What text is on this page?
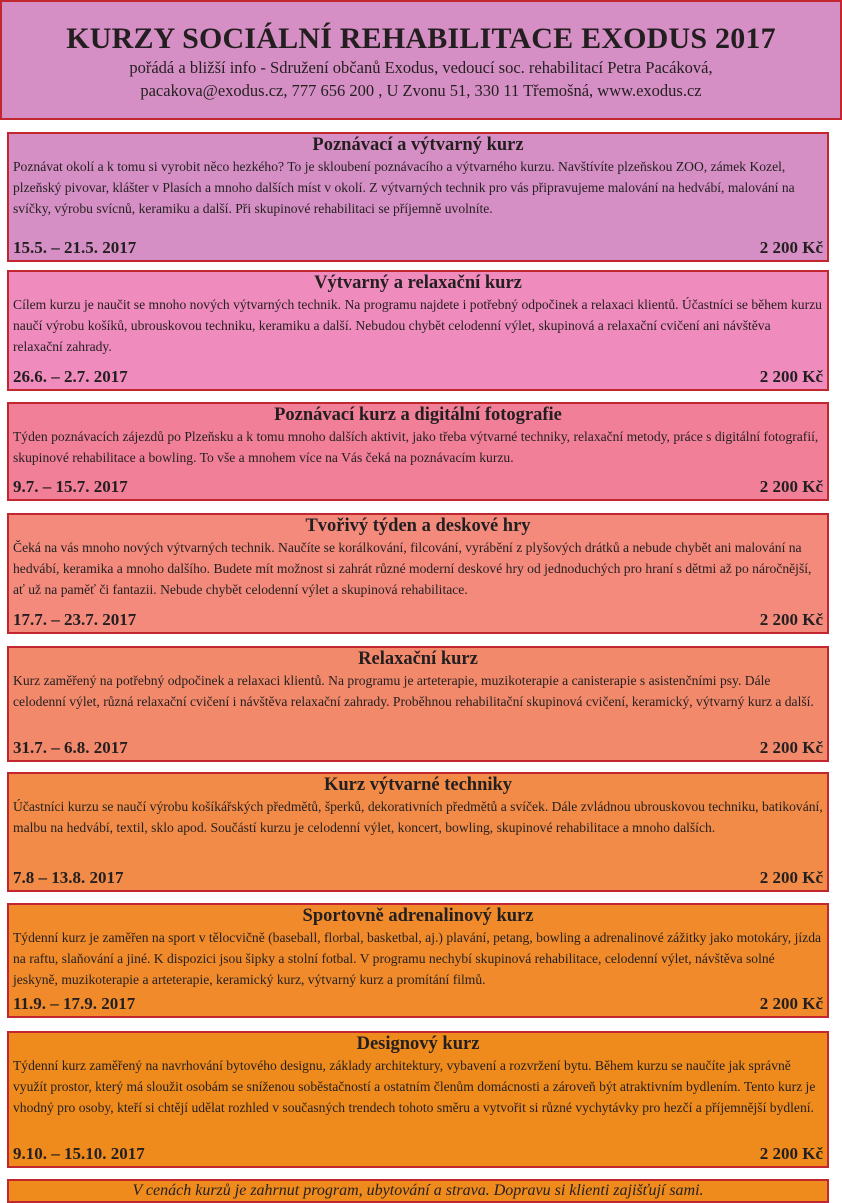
KURZY SOCIÁLNÍ REHABILITACE EXODUS 2017
pořádá a bližší info - Sdružení občanů Exodus, vedoucí soc. rehabilitací Petra Pacáková,
pacakova@exodus.cz, 777 656 200 , U Zvonu 51, 330 11 Třemošná, www.exodus.cz
Poznávací a výtvarný kurz
Poznávat okolí a k tomu si vyrobit něco hezkého? To je skloubení poznávacího a výtvarného kurzu. Navštívíte plzeňskou ZOO, zámek Kozel, plzeňský pivovar, klášter v Plasích a mnoho dalších míst v okolí. Z výtvarných technik pro vás připravujeme malování na hedvábí, malování na svíčky, výrobu svícnů, keramiku a další. Při skupinové rehabilitaci se příjemně uvolníte.
15.5. – 21.5. 2017	2 200 Kč
Výtvarný a relaxační kurz
Cílem kurzu je naučit se mnoho nových výtvarných technik. Na programu najdete i potřebný odpočinek a relaxaci klientů. Účastníci se během kurzu naučí výrobu košíků, ubrouskovou techniku, keramiku a další. Nebudou chybět celodenní výlet, skupinová a relaxační cvičení ani návštěva relaxační zahrady.
26.6. – 2.7. 2017	2 200 Kč
Poznávací kurz a digitální fotografie
Týden poznávacích zájezdů po Plzeňsku a k tomu mnoho dalších aktivit, jako třeba výtvarné techniky, relaxační metody, práce s digitální fotografií, skupinové rehabilitace a bowling. To vše a mnohem více na Vás čeká na poznávacím kurzu.
9.7. – 15.7. 2017	2 200 Kč
Tvořivý týden a deskové hry
Čeká na vás mnoho nových výtvarných technik. Naučíte se korálkování, filcování, vyrábění z plyšových drátků a nebude chybět ani malování na hedvábí, keramika a mnoho dalšího. Budete mít možnost si zahrát různé moderní deskové hry od jednoduchých pro hraní s dětmi až po náročnější, ať už na paměť či fantazii. Nebude chybět celodenní výlet a skupinová rehabilitace.
17.7. – 23.7. 2017	2 200 Kč
Relaxační kurz
Kurz zaměřený na potřebný odpočinek a relaxaci klientů. Na programu je arteterapie, muzikoterapie a canisterapie s asistenčními psy. Dále celodenní výlet, různá relaxační cvičení i návštěva relaxační zahrady. Proběhnou rehabilitační skupinová cvičení, keramický, výtvarný kurz a další.
31.7. – 6.8. 2017	2 200 Kč
Kurz výtvarné techniky
Účastníci kurzu se naučí výrobu košíkářských předmětů, šperků, dekorativních předmětů a svíček. Dále zvládnou ubrouskovou techniku, batikování, malbu na hedvábí, textil, sklo apod. Součástí kurzu je celodenní výlet, koncert, bowling, skupinové rehabilitace a mnoho dalších.
7.8 – 13.8. 2017	2 200 Kč
Sportovně adrenalinový kurz
Týdenní kurz je zaměřen na sport v tělocvičně (baseball, florbal, basketbal, aj.) plavání, petang, bowling a adrenalinové zážitky jako motokáry, jízda na raftu, slaňování a jiné. K dispozici jsou šipky a stolní fotbal. V programu nechybí skupinová rehabilitace, celodenní výlet, návštěva solné jeskyně, muzikoterapie a arteterapie, keramický kurz, výtvarný kurz a promítání filmů.
11.9. – 17.9. 2017	2 200 Kč
Designový kurz
Týdenní kurz zaměřený na navrhování bytového designu, základy architektury, vybavení a rozvržení bytu. Během kurzu se naučíte jak správně využít prostor, který má sloužit osobám se sníženou soběstačností a ostatním členům domácnosti a zároveň být atraktivním bydlením. Tento kurz je vhodný pro osoby, kteří si chtějí udělat rozhled v současných trendech tohoto směru a vytvořit si různé vychytávky pro hezčí a příjemnější bydlení.
9.10. – 15.10. 2017	2 200 Kč
V cenách kurzů je zahrnut program, ubytování a strava. Dopravu si klienti zajišťují sami.
